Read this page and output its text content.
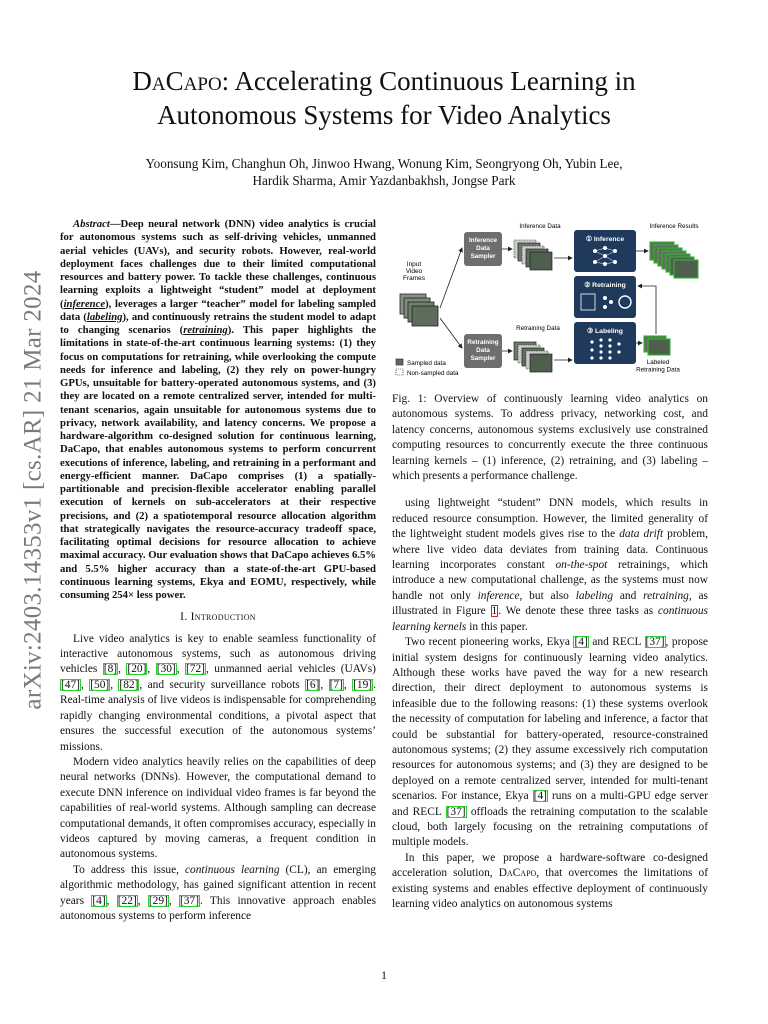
arXiv:2403.14353v1 [cs.AR] 21 Mar 2024
DaCapo: Accelerating Continuous Learning in
Autonomous Systems for Video Analytics
Yoonsung Kim, Changhun Oh, Jinwoo Hwang, Wonung Kim, Seongryong Oh, Yubin Lee,
Hardik Sharma, Amir Yazdanbakhsh, Jongse Park

Abstract—Deep neural network (DNN) video analytics is crucial for autonomous systems such as self-driving vehicles, unmanned aerial vehicles (UAVs), and security robots. However, real-world deployment faces challenges due to their limited computational resources and battery power. To tackle these challenges, continuous learning exploits a lightweight “student” model at deployment (inference), leverages a larger “teacher” model for labeling sampled data (labeling), and continuously retrains the student model to adapt to changing scenarios (retraining). This paper highlights the limitations in state-of-the-art continuous learning systems: (1) they focus on computations for retraining, while overlooking the compute needs for inference and labeling, (2) they rely on power-hungry GPUs, unsuitable for battery-operated autonomous systems, and (3) they are located on a remote centralized server, intended for multi-tenant scenarios, again unsuitable for autonomous systems due to privacy, network availability, and latency concerns. We propose a hardware-algorithm co-designed solution for continuous learning, DaCapo, that enables autonomous systems to perform concurrent executions of inference, labeling, and retraining in a performant and energy-efficient manner. DaCapo comprises (1) a spatially-partitionable and precision-flexible accelerator enabling parallel execution of kernels on sub-accelerators at their respective precisions, and (2) a spatiotemporal resource allocation algorithm that strategically navigates the resource-accuracy tradeoff space, facilitating optimal decisions for resource allocation to achieve maximal accuracy. Our evaluation shows that DaCapo achieves 6.5% and 5.5% higher accuracy than a state-of-the-art GPU-based continuous learning systems, Ekya and EOMU, respectively, while consuming 254× less power.

I. Introduction

Live video analytics is key to enable seamless functionality of interactive autonomous systems, such as autonomous driving vehicles [8], [20], [30], [72], unmanned aerial vehicles (UAVs) [47], [50], [82], and security surveillance robots [6], [7], [19]. Real-time analysis of live videos is indispensable for comprehending rapidly changing environmental conditions, a pivotal aspect that ensures the successful execution of the autonomous systems’ missions.

Modern video analytics heavily relies on the capabilities of deep neural networks (DNNs). However, the computational demand to execute DNN inference on individual video frames is far beyond the capabilities of real-world systems. Although sampling can decrease computational demands, it often compromises accuracy, especially in videos captured by moving cameras, a frequent condition in autonomous systems.

To address this issue, continuous learning (CL), an emerging algorithmic methodology, has gained significant attention in recent years [4], [22], [29], [37]. This innovative approach enables autonomous systems to perform inference

Input Video Frames
Inference Data Sampler
Retraining Data Sampler
Inference Data
Retraining Data
① Inference
② Retraining
③ Labeling
Inference Results
Labeled Retraining Data
Sampled data
Non-sampled data

Fig. 1: Overview of continuously learning video analytics on autonomous systems. To address privacy, networking cost, and latency concerns, autonomous systems exclusively use constrained computing resources to concurrently execute the three continuous learning kernels – (1) inference, (2) retraining, and (3) labeling – which presents a performance challenge.

using lightweight “student” DNN models, which results in reduced resource consumption. However, the limited generality of the lightweight student models gives rise to the data drift problem, where live video data deviates from training data. Continuous learning incorporates constant on-the-spot retrainings, which introduce a new computational challenge, as the systems must now handle not only inference, but also labeling and retraining, as illustrated in Figure 1. We denote these three tasks as continuous learning kernels in this paper.

Two recent pioneering works, Ekya [4] and RECL [37], propose initial system designs for continuously learning video analytics. Although these works have paved the way for a new research direction, their direct deployment to autonomous systems is infeasible due to the following reasons: (1) these systems overlook the necessity of computation for labeling and inference, a factor that could be substantial for battery-operated, resource-constrained autonomous systems; (2) they assume excessively rich computation resources for autonomous systems; and (3) they are designed to be deployed on a remote centralized server, intended for multi-tenant scenarios. For instance, Ekya [4] runs on a multi-GPU edge server and RECL [37] offloads the retraining computation to the scalable cloud, both largely focusing on the retraining computations of multiple models.

In this paper, we propose a hardware-software co-designed acceleration solution, DaCapo, that overcomes the limitations of existing systems and enables effective deployment of continuously learning video analytics on autonomous systems

1
